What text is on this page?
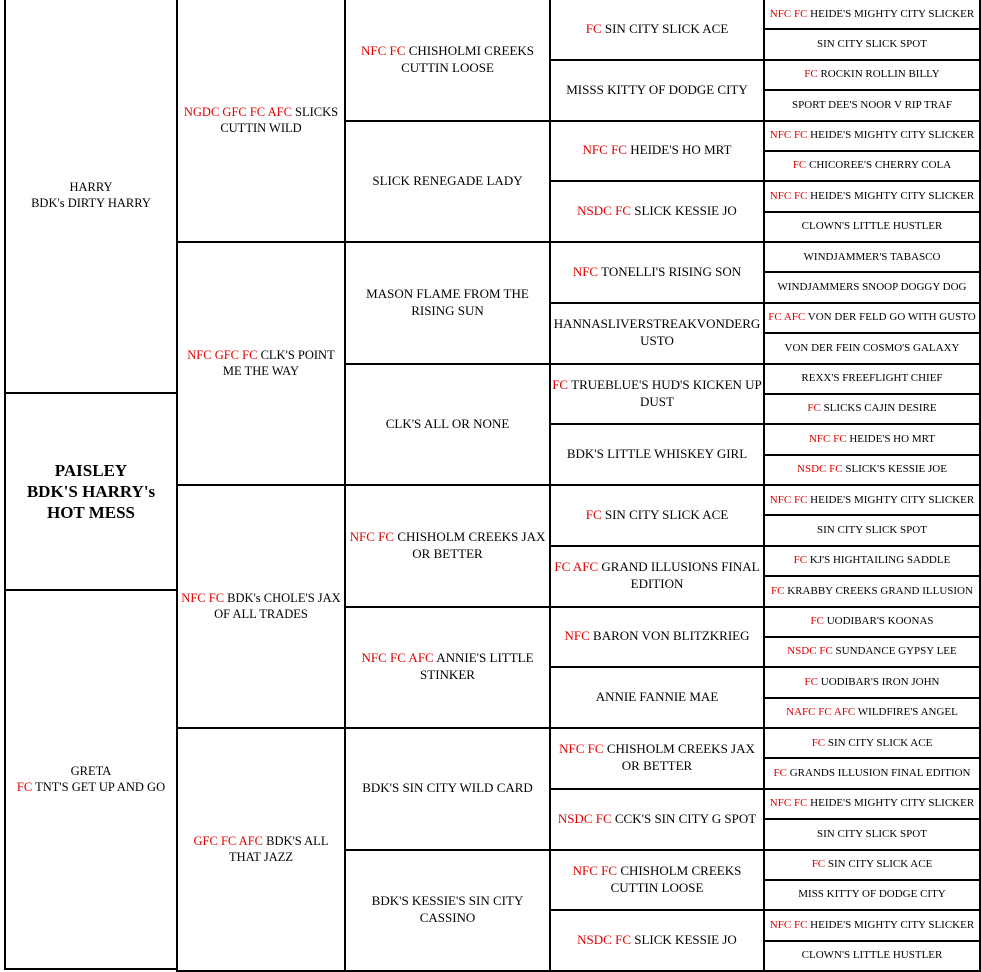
HARRY
BDK's DIRTY HARRY
PAISLEY
BDK'S HARRY's
HOT MESS
GRETA
FC TNT'S GET UP AND GO
NGDC GFC FC AFC SLICKS CUTTIN WILD
NFC GFC FC CLK'S POINT ME THE WAY
NFC FC BDK's CHOLE'S JAX OF ALL TRADES
GFC FC AFC BDK'S ALL THAT JAZZ
NFC FC CHISHOLMI CREEKS CUTTIN LOOSE
SLICK RENEGADE LADY
MASON FLAME FROM THE RISING SUN
CLK'S ALL OR NONE
NFC FC CHISHOLM CREEKS JAX OR BETTER
NFC FC AFC ANNIE'S LITTLE STINKER
BDK'S SIN CITY WILD CARD
BDK'S KESSIE'S SIN CITY CASSINO
FC SIN CITY SLICK ACE
MISSS KITTY OF DODGE CITY
NFC FC HEIDE'S HO MRT
NSDC FC SLICK KESSIE JO
NFC TONELLI'S RISING SON
HANNASLIVERSTREAKVONDERG USTO
FC TRUEBLUE'S HUD'S KICKEN UP DUST
BDK'S LITTLE WHISKEY GIRL
FC SIN CITY SLICK ACE
FC AFC GRAND ILLUSIONS FINAL EDITION
NFC BARON VON BLITZKRIEG
ANNIE FANNIE MAE
NFC FC CHISHOLM CREEKS JAX OR BETTER
NSDC FC CCK'S SIN CITY G SPOT
NFC FC CHISHOLM CREEKS CUTTIN LOOSE
NSDC FC SLICK KESSIE JO
NFC FC HEIDE'S MIGHTY CITY SLICKER
SIN CITY SLICK SPOT
FC ROCKIN ROLLIN BILLY
SPORT DEE'S NOOR V RIP TRAF
NFC FC HEIDE'S MIGHTY CITY SLICKER
FC CHICOREE'S CHERRY COLA
NFC FC HEIDE'S MIGHTY CITY SLICKER
CLOWN'S LITTLE HUSTLER
WINDJAMMER'S TABASCO
WINDJAMMERS SNOOP DOGGY DOG
FC AFC VON DER FELD GO WITH GUSTO
VON DER FEIN COSMO'S GALAXY
REXX'S FREEFLIGHT CHIEF
FC SLICKS CAJIN DESIRE
NFC FC HEIDE'S HO MRT
NSDC FC SLICK'S KESSIE JOE
NFC FC HEIDE'S MIGHTY CITY SLICKER
SIN CITY SLICK SPOT
FC KJ'S HIGHTAILING SADDLE
FC KRABBY CREEKS GRAND ILLUSION
FC UODIBAR'S KOONAS
NSDC FC SUNDANCE GYPSY LEE
FC UODIBAR'S IRON JOHN
NAFC FC AFC WILDFIRE'S ANGEL
FC SIN CITY SLICK ACE
FC GRANDS ILLUSION FINAL EDITION
NFC FC HEIDE'S MIGHTY CITY SLICKER
SIN CITY SLICK SPOT
FC SIN CITY SLICK ACE
MISS KITTY OF DODGE CITY
NFC FC HEIDE'S MIGHTY CITY SLICKER
CLOWN'S LITTLE HUSTLER
